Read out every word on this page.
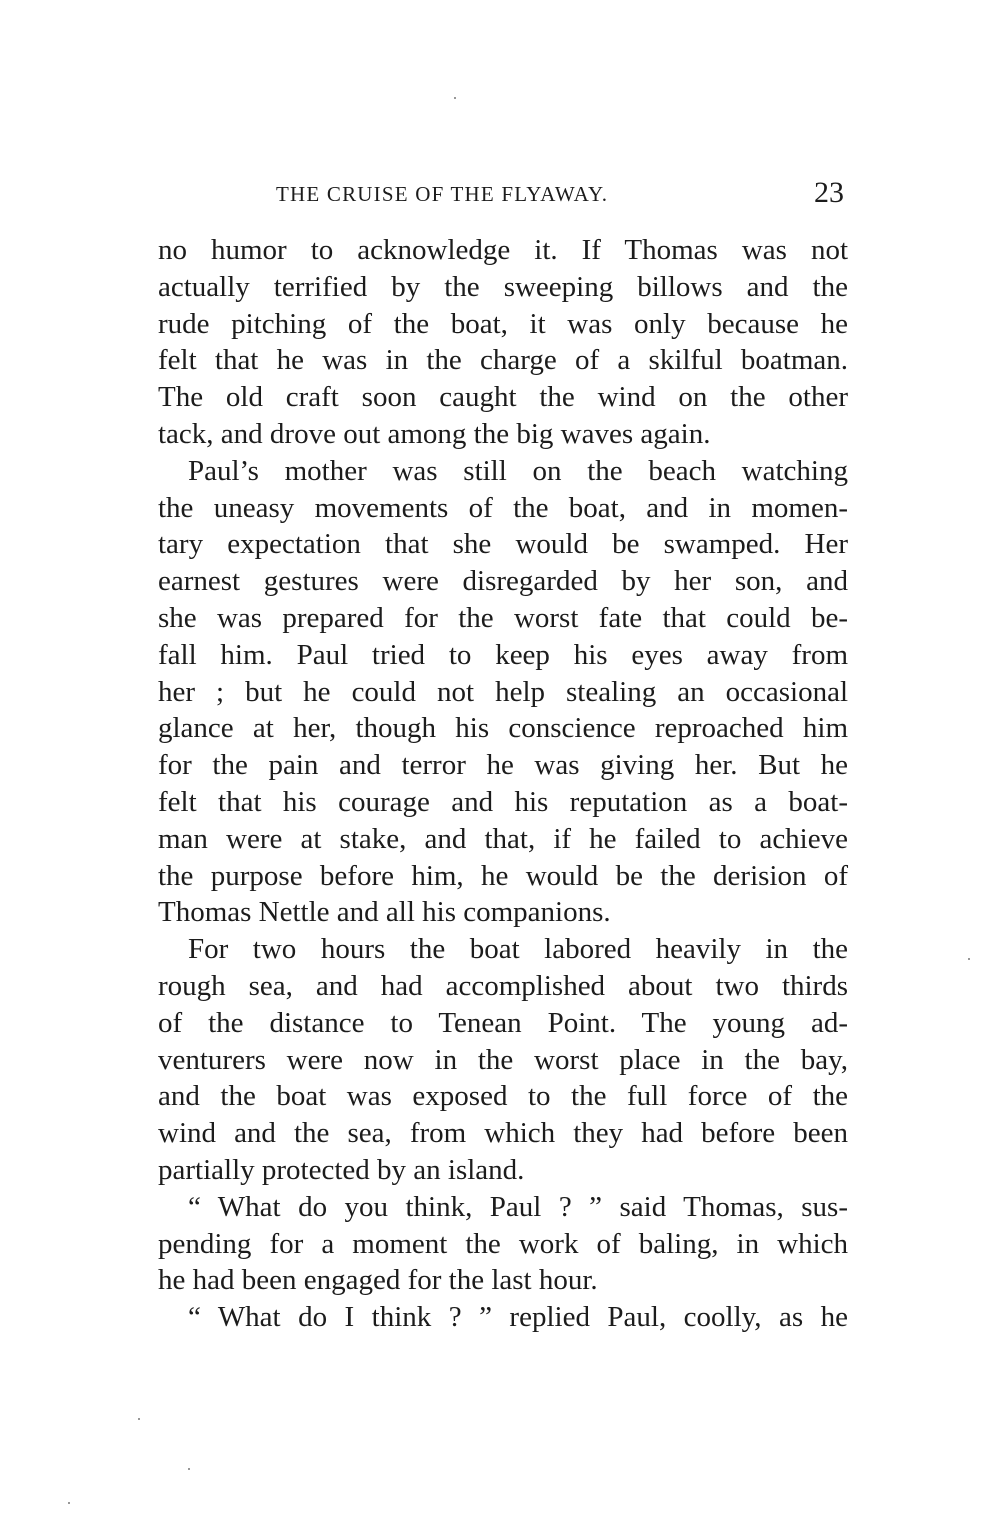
THE CRUISE OF THE FLYAWAY.	23
no humor to acknowledge it. If Thomas was not
actually terrified by the sweeping billows and the
rude pitching of the boat, it was only because he
felt that he was in the charge of a skilful boatman.
The old craft soon caught the wind on the other
tack, and drove out among the big waves again.
Paul’s mother was still on the beach watching
the uneasy movements of the boat, and in momen-
tary expectation that she would be swamped. Her
earnest gestures were disregarded by her son, and
she was prepared for the worst fate that could be-
fall him. Paul tried to keep his eyes away from
her ; but he could not help stealing an occasional
glance at her, though his conscience reproached him
for the pain and terror he was giving her. But he
felt that his courage and his reputation as a boat-
man were at stake, and that, if he failed to achieve
the purpose before him, he would be the derision of
Thomas Nettle and all his companions.
For two hours the boat labored heavily in the
rough sea, and had accomplished about two thirds
of the distance to Tenean Point. The young ad-
venturers were now in the worst place in the bay,
and the boat was exposed to the full force of the
wind and the sea, from which they had before been
partially protected by an island.
“ What do you think, Paul ? ” said Thomas, sus-
pending for a moment the work of baling, in which
he had been engaged for the last hour.
“ What do I think ? ” replied Paul, coolly, as he
